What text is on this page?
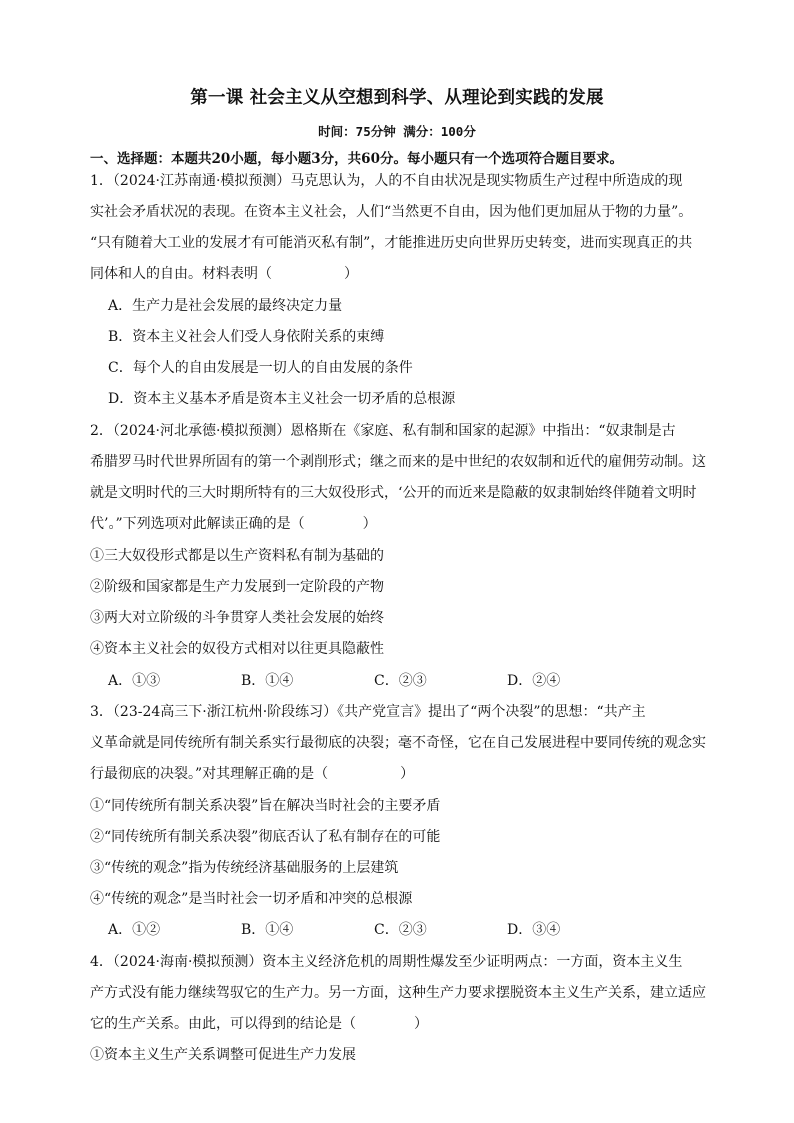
第一课 社会主义从空想到科学、从理论到实践的发展
时间：75分钟 满分：100分
一、选择题：本题共20小题，每小题3分，共60分。每小题只有一个选项符合题目要求。
1．（2024·江苏南通·模拟预测）马克思认为，人的不自由状况是现实物质生产过程中所造成的现
实社会矛盾状况的表现。在资本主义社会，人们“当然更不自由，因为他们更加屈从于物的力量”。
“只有随着大工业的发展才有可能消灭私有制”，才能推进历史向世界历史转变，进而实现真正的共
同体和人的自由。材料表明（	）
A．生产力是社会发展的最终决定力量
B．资本主义社会人们受人身依附关系的束缚
C．每个人的自由发展是一切人的自由发展的条件
D．资本主义基本矛盾是资本主义社会一切矛盾的总根源
2．（2024·河北承德·模拟预测）恩格斯在《家庭、私有制和国家的起源》中指出：“奴隶制是古
希腊罗马时代世界所固有的第一个剥削形式；继之而来的是中世纪的农奴制和近代的雇佣劳动制。这
就是文明时代的三大时期所特有的三大奴役形式，‘公开的而近来是隐蔽的奴隶制始终伴随着文明时
代’。”下列选项对此解读正确的是（	）
①三大奴役形式都是以生产资料私有制为基础的
②阶级和国家都是生产力发展到一定阶段的产物
③两大对立阶级的斗争贯穿人类社会发展的始终
④资本主义社会的奴役方式相对以往更具隐蔽性
A．①③	B．①④	C．②③	D．②④
3．（23-24高三下·浙江杭州·阶段练习）《共产党宣言》提出了“两个决裂”的思想：“共产主
义革命就是同传统所有制关系实行最彻底的决裂；毫不奇怪，它在自己发展进程中要同传统的观念实
行最彻底的决裂。”对其理解正确的是（	）
①“同传统所有制关系决裂”旨在解决当时社会的主要矛盾
②“同传统所有制关系决裂”彻底否认了私有制存在的可能
③“传统的观念”指为传统经济基础服务的上层建筑
④“传统的观念”是当时社会一切矛盾和冲突的总根源
A．①②	B．①④	C．②③	D．③④
4．（2024·海南·模拟预测）资本主义经济危机的周期性爆发至少证明两点：一方面，资本主义生
产方式没有能力继续驾驭它的生产力。另一方面，这种生产力要求摆脱资本主义生产关系，建立适应
它的生产关系。由此，可以得到的结论是（	）
①资本主义生产关系调整可促进生产力发展
